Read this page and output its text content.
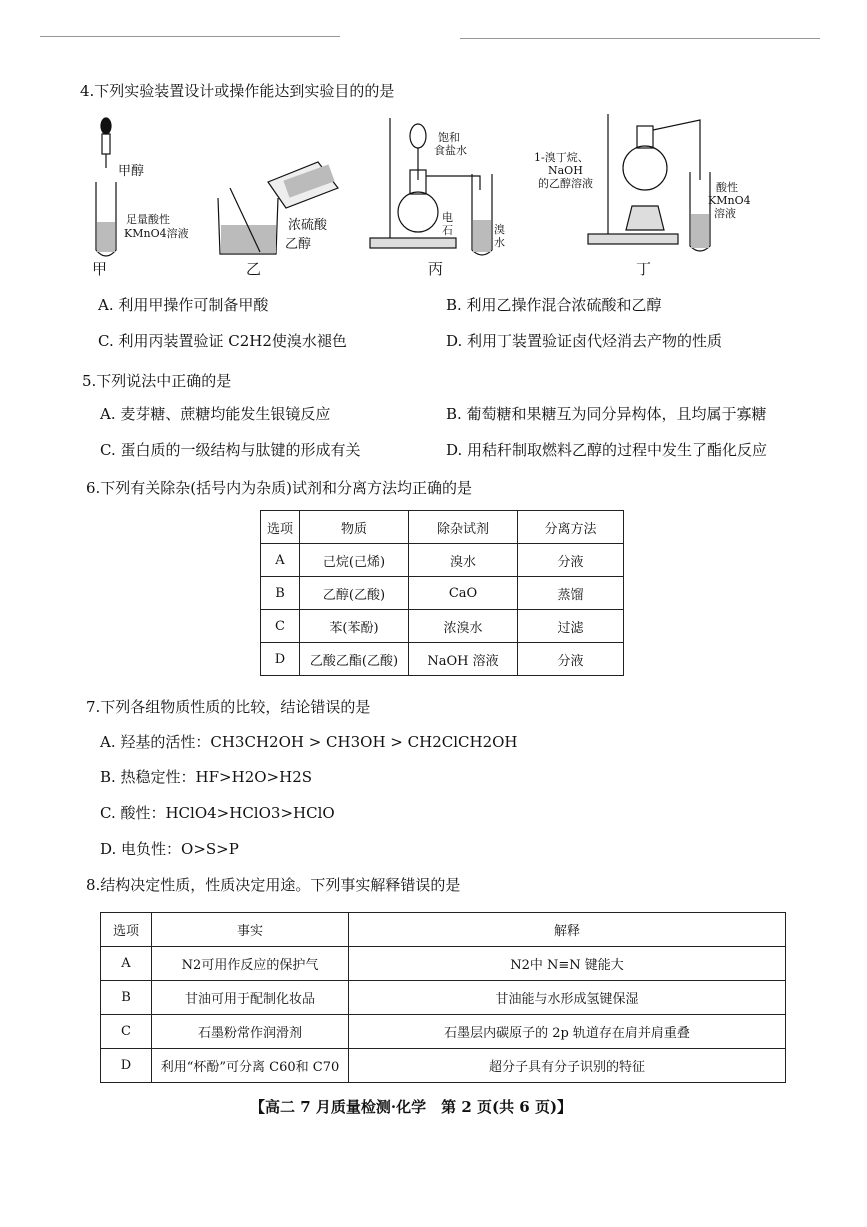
4.下列实验装置设计或操作能达到实验目的的是
甲醇
足量酸性
KMnO4溶液
甲
浓硫酸
乙醇
乙
饱和
食盐水
电
石	溴
水
丙
1-溴丁烷、
NaOH
的乙醇溶液	酸性
KMnO4
溶液
丁
A. 利用甲操作可制备甲酸	B. 利用乙操作混合浓硫酸和乙醇
C. 利用丙装置验证 C2H2使溴水褪色	D. 利用丁装置验证卤代烃消去产物的性质
5.下列说法中正确的是
A. 麦芽糖、蔗糖均能发生银镜反应	B. 葡萄糖和果糖互为同分异构体，且均属于寡糖
C. 蛋白质的一级结构与肽键的形成有关	D. 用秸秆制取燃料乙醇的过程中发生了酯化反应
6.下列有关除杂(括号内为杂质)试剂和分离方法均正确的是
选项	物质	除杂试剂	分离方法
A	己烷(己烯)	溴水	分液
B	乙醇(乙酸)	CaO	蒸馏
C	苯(苯酚)	浓溴水	过滤
D	乙酸乙酯(乙酸)	NaOH 溶液	分液
7.下列各组物质性质的比较，结论错误的是
A. 羟基的活性：CH3CH2OH > CH3OH > CH2ClCH2OH
B. 热稳定性：HF>H2O>H2S
C. 酸性：HClO4>HClO3>HClO
D. 电负性：O>S>P
8.结构决定性质，性质决定用途。下列事实解释错误的是
选项	事实	解释
A	N2可用作反应的保护气	N2中 N≡N 键能大
B	甘油可用于配制化妆品	甘油能与水形成氢键保湿
C	石墨粉常作润滑剂	石墨层内碳原子的 2p 轨道存在肩并肩重叠
D	利用“杯酚”可分离 C60和 C70	超分子具有分子识别的特征
【高二 7 月质量检测·化学　第 2 页(共 6 页)】
